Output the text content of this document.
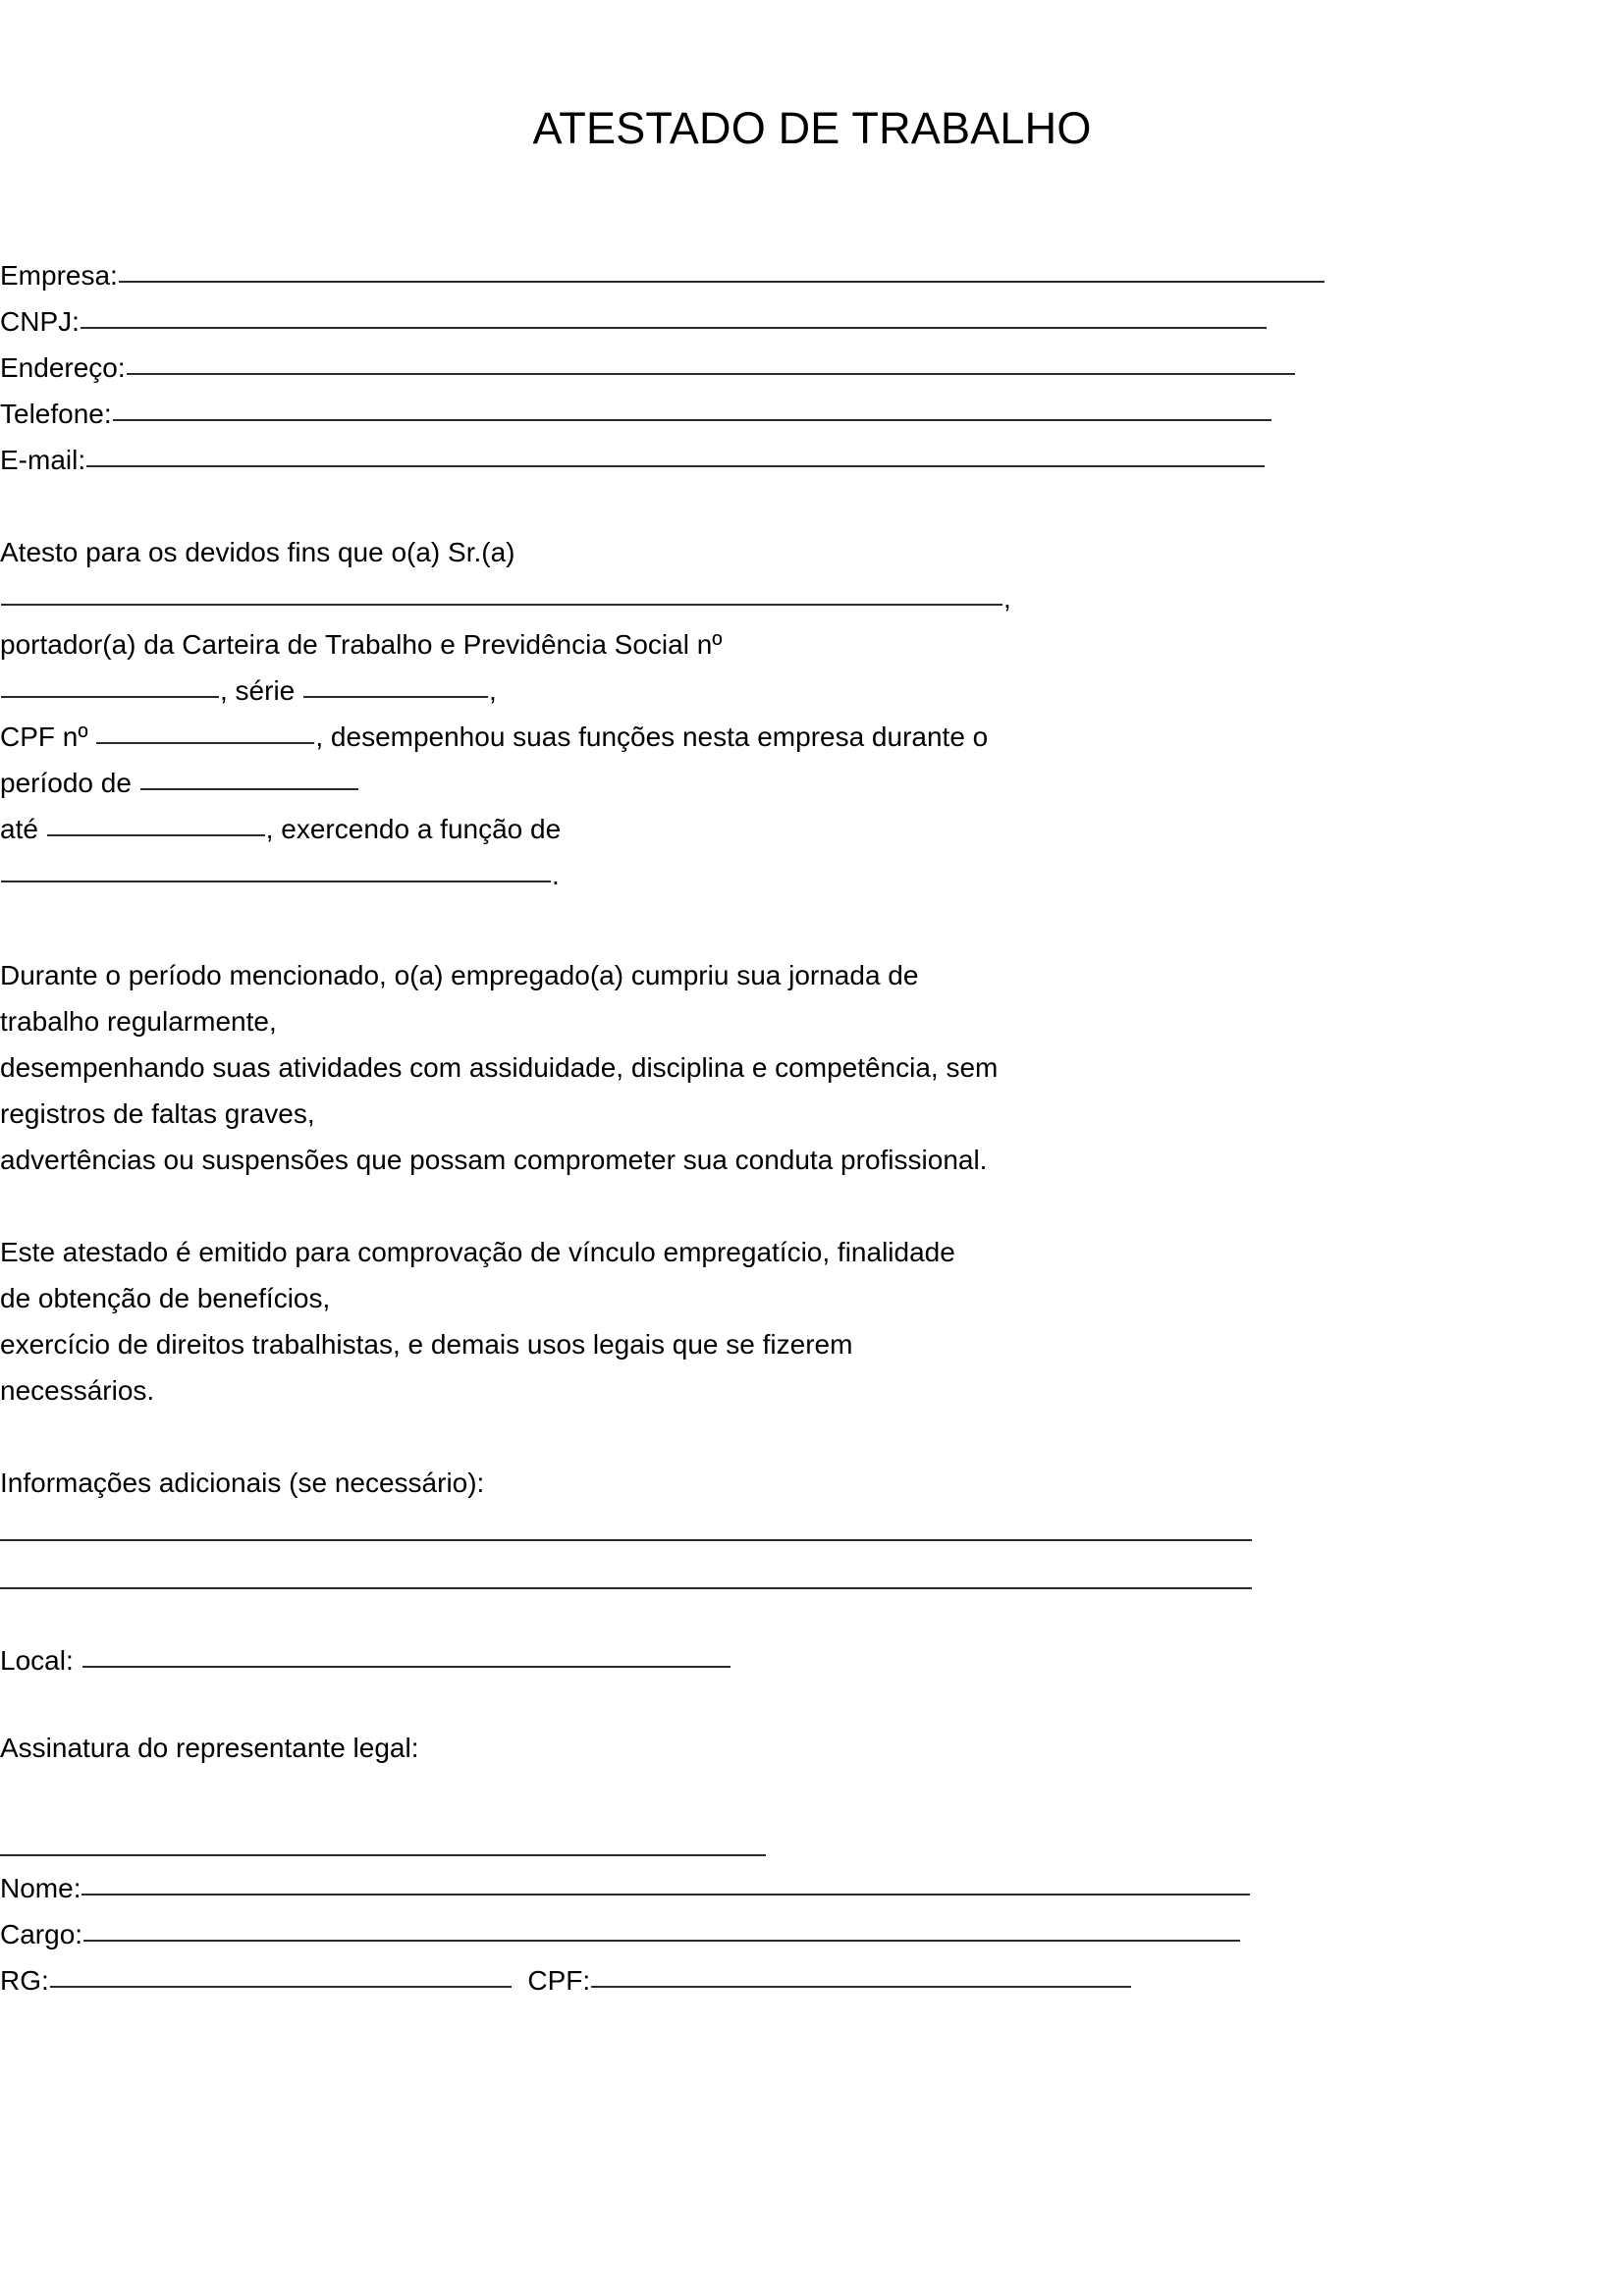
ATESTADO DE TRABALHO
Empresa:
CNPJ:
Endereço:
Telefone:
E-mail:
Atesto para os devidos fins que o(a) Sr.(a)
,
portador(a) da Carteira de Trabalho e Previdência Social nº
, série	,
CPF nº	, desempenhou suas funções nesta empresa durante o
período de
até	, exercendo a função de
.
Durante o período mencionado, o(a) empregado(a) cumpriu sua jornada de
trabalho regularmente,
desempenhando suas atividades com assiduidade, disciplina e competência, sem
registros de faltas graves,
advertências ou suspensões que possam comprometer sua conduta profissional.
Este atestado é emitido para comprovação de vínculo empregatício, finalidade
de obtenção de benefícios,
exercício de direitos trabalhistas, e demais usos legais que se fizerem
necessários.
Informações adicionais (se necessário):
Local:
Assinatura do representante legal:
Nome:
Cargo:
RG:	CPF:
